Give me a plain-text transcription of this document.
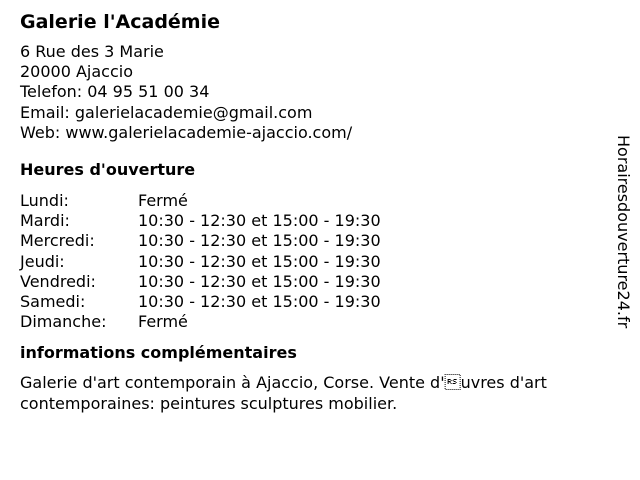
Galerie l'Académie
6 Rue des 3 Marie
20000 Ajaccio
Telefon: 04 95 51 00 34
Email: galerielacademie@gmail.com
Web: www.galerielacademie-ajaccio.com/
Heures d'ouverture
Lundi:	Fermé
Mardi:	10:30 - 12:30 et 15:00 - 19:30
Mercredi:	10:30 - 12:30 et 15:00 - 19:30
Jeudi:	10:30 - 12:30 et 15:00 - 19:30
Vendredi:	10:30 - 12:30 et 15:00 - 19:30
Samedi:	10:30 - 12:30 et 15:00 - 19:30
Dimanche:	Fermé
informations complémentaires
Galerie d'art contemporain à Ajaccio, Corse. Vente d'uvres d'art contemporaines: peintures sculptures mobilier.
Horairesdouverture24.fr
